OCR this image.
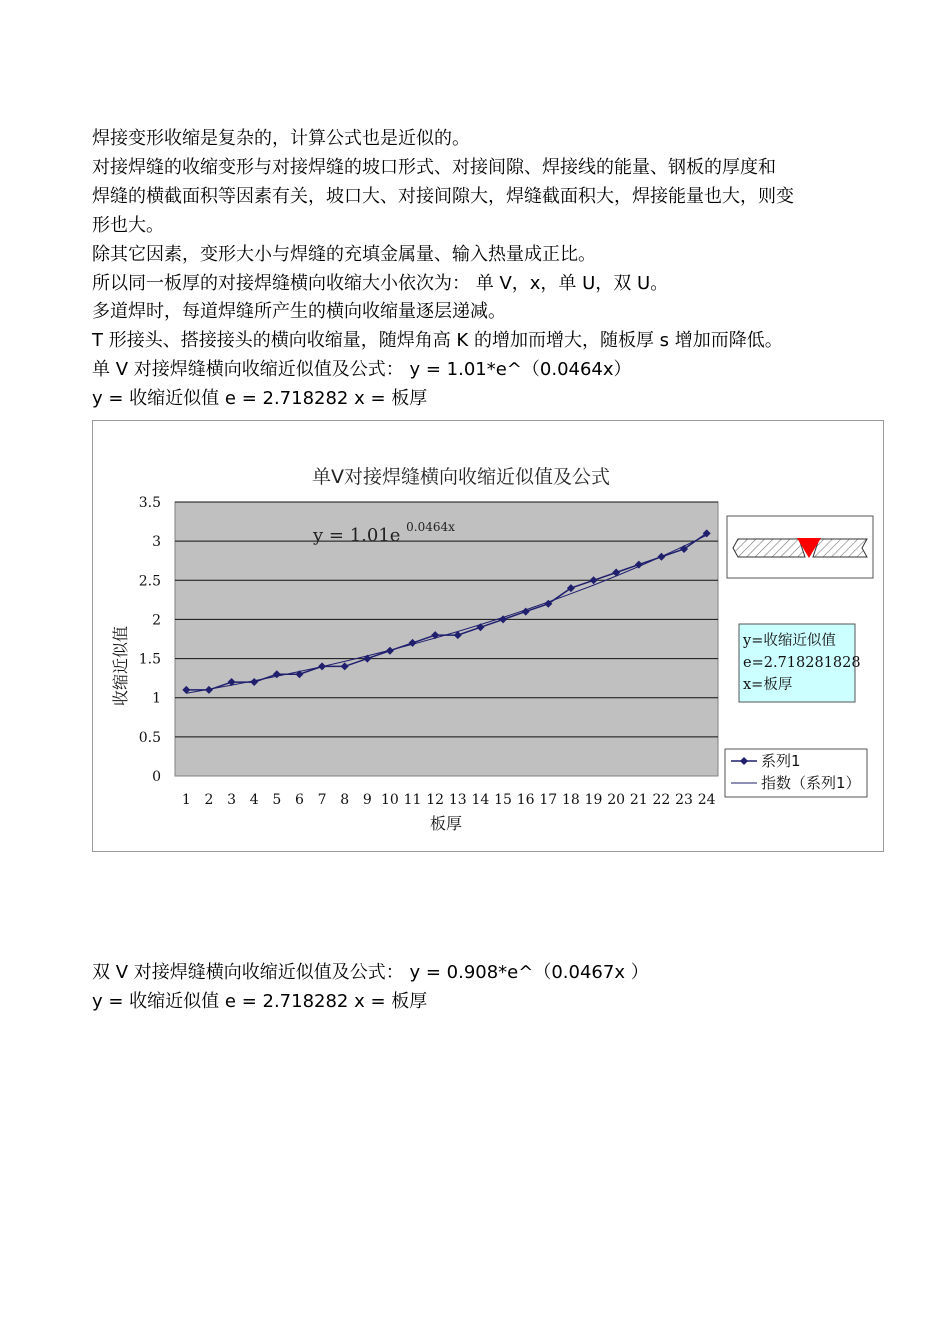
焊接变形收缩是复杂的，计算公式也是近似的。
对接焊缝的收缩变形与对接焊缝的坡口形式、对接间隙、焊接线的能量、钢板的厚度和
焊缝的横截面积等因素有关，坡口大、对接间隙大，焊缝截面积大，焊接能量也大，则变
形也大。
除其它因素，变形大小与焊缝的充填金属量、输入热量成正比。
所以同一板厚的对接焊缝横向收缩大小依次为： 单 V，x，单 U，双 U。
多道焊时，每道焊缝所产生的横向收缩量逐层递减。
T 形接头、搭接接头的横向收缩量，随焊角高 K 的增加而增大，随板厚 s 增加而降低。
单 V 对接焊缝横向收缩近似值及公式： y = 1.01*e^（0.0464x）
y = 收缩近似值 e = 2.718282 x = 板厚
单V对接焊缝横向收缩近似值及公式
0
0.5
1
1.5
2
2.5
3
3.5
1 2 3 4 5 6 7 8 9 10 11 12 13 14 15 16 17 18 19 20 21 22 23 24
y = 1.01e $^{0.0464x}$
收缩近似值
板厚
y=收缩近似值
e=2.718281828
x=板厚
系列1
指数（系列1）
双 V 对接焊缝横向收缩近似值及公式： y = 0.908*e^（0.0467x ）
y = 收缩近似值 e = 2.718282 x = 板厚
